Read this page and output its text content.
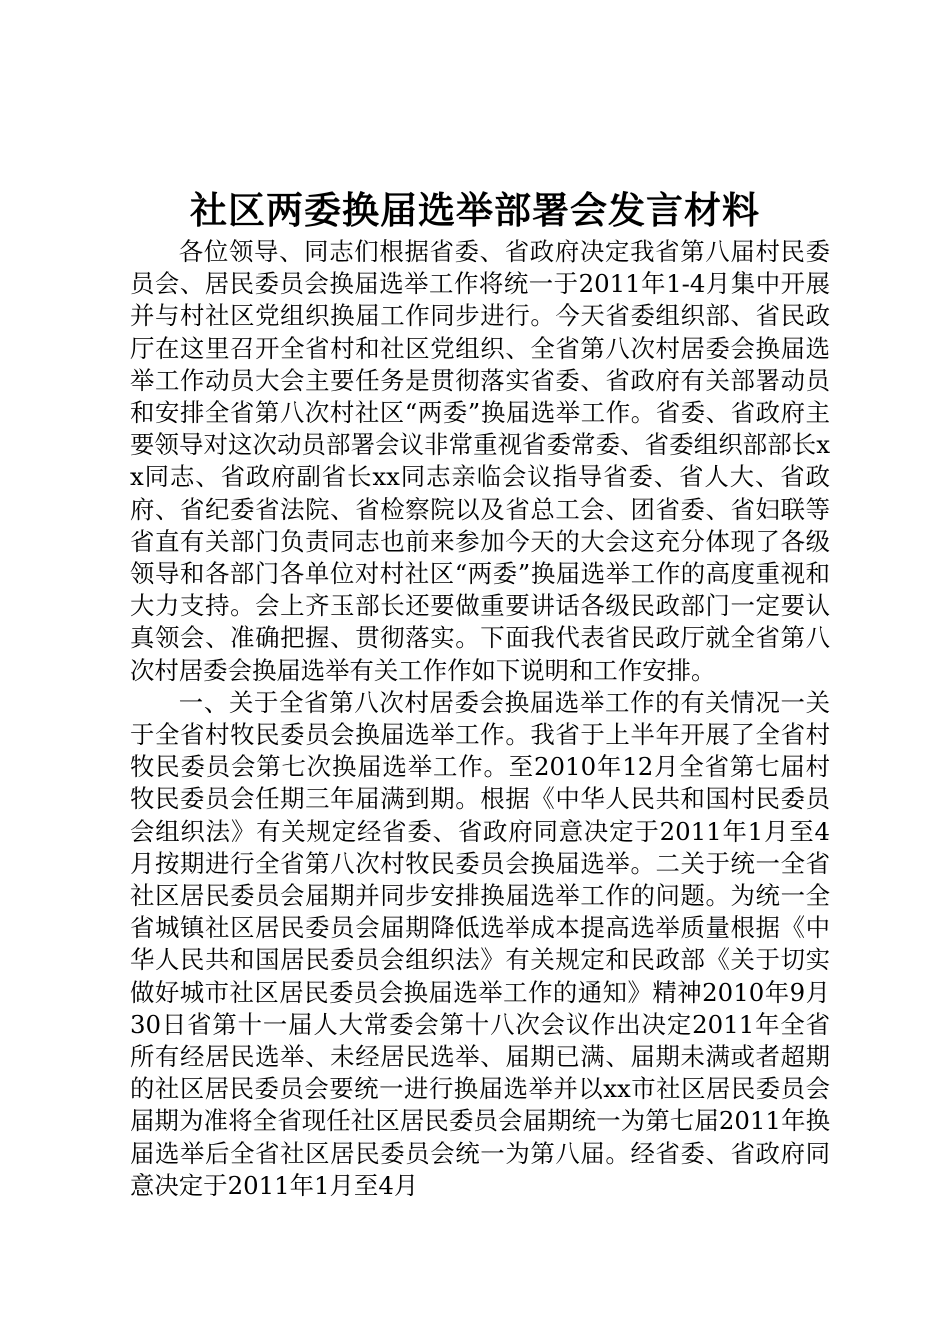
社区两委换届选举部署会发言材料

各位领导、同志们根据省委、省政府决定我省第八届村民委员会、居民委员会换届选举工作将统一于2011年1-4月集中开展并与村社区党组织换届工作同步进行。今天省委组织部、省民政厅在这里召开全省村和社区党组织、全省第八次村居委会换届选举工作动员大会主要任务是贯彻落实省委、省政府有关部署动员和安排全省第八次村社区“两委”换届选举工作。省委、省政府主要领导对这次动员部署会议非常重视省委常委、省委组织部部长xx同志、省政府副省长xx同志亲临会议指导省委、省人大、省政府、省纪委省法院、省检察院以及省总工会、团省委、省妇联等省直有关部门负责同志也前来参加今天的大会这充分体现了各级领导和各部门各单位对村社区“两委”换届选举工作的高度重视和大力支持。会上齐玉部长还要做重要讲话各级民政部门一定要认真领会、准确把握、贯彻落实。下面我代表省民政厅就全省第八次村居委会换届选举有关工作作如下说明和工作安排。

一、关于全省第八次村居委会换届选举工作的有关情况一关于全省村牧民委员会换届选举工作。我省于上半年开展了全省村牧民委员会第七次换届选举工作。至2010年12月全省第七届村牧民委员会任期三年届满到期。根据《中华人民共和国村民委员会组织法》有关规定经省委、省政府同意决定于2011年1月至4月按期进行全省第八次村牧民委员会换届选举。二关于统一全省社区居民委员会届期并同步安排换届选举工作的问题。为统一全省城镇社区居民委员会届期降低选举成本提高选举质量根据《中华人民共和国居民委员会组织法》有关规定和民政部《关于切实做好城市社区居民委员会换届选举工作的通知》精神2010年9月30日省第十一届人大常委会第十八次会议作出决定2011年全省所有经居民选举、未经居民选举、届期已满、届期未满或者超期的社区居民委员会要统一进行换届选举并以xx市社区居民委员会届期为准将全省现任社区居民委员会届期统一为第七届2011年换届选举后全省社区居民委员会统一为第八届。经省委、省政府同意决定于2011年1月至4月
